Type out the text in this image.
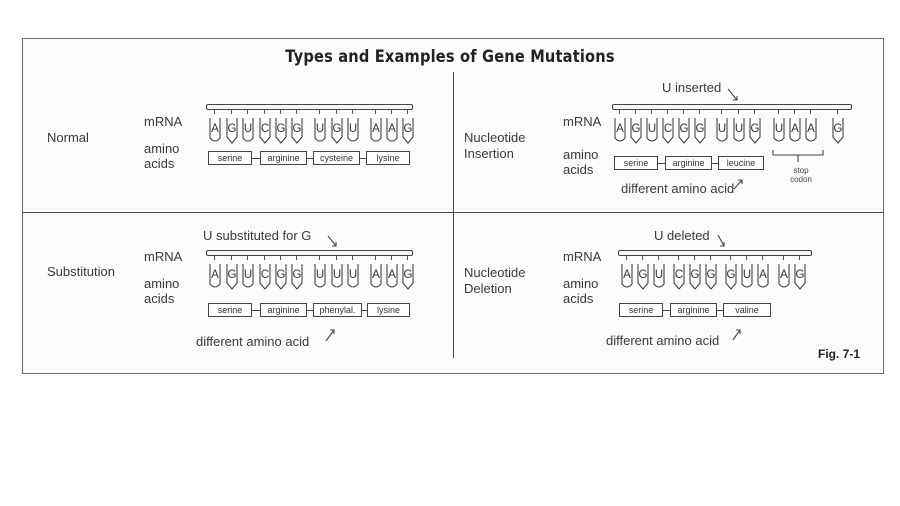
Types and Examples of Gene Mutations
Normal
mRNA
amino
acids
A G U C G G U G U A A G
serine	arginine	cysteine	lysine
Nucleotide
Insertion
mRNA
amino
acids
U inserted
different amino acid
A G U C G G U U G U A A G
serine	arginine	leucine
Substitution
mRNA
amino
acids
U substituted for G
different amino acid
A G U C G G U U U A A G
serine	arginine	phenylal.	lysine
Nucleotide
Deletion
mRNA
amino
acids
U deleted
different amino acid
A G U C G G G U A A G
serine	arginine	valine
stop
codon
Fig. 7-1
